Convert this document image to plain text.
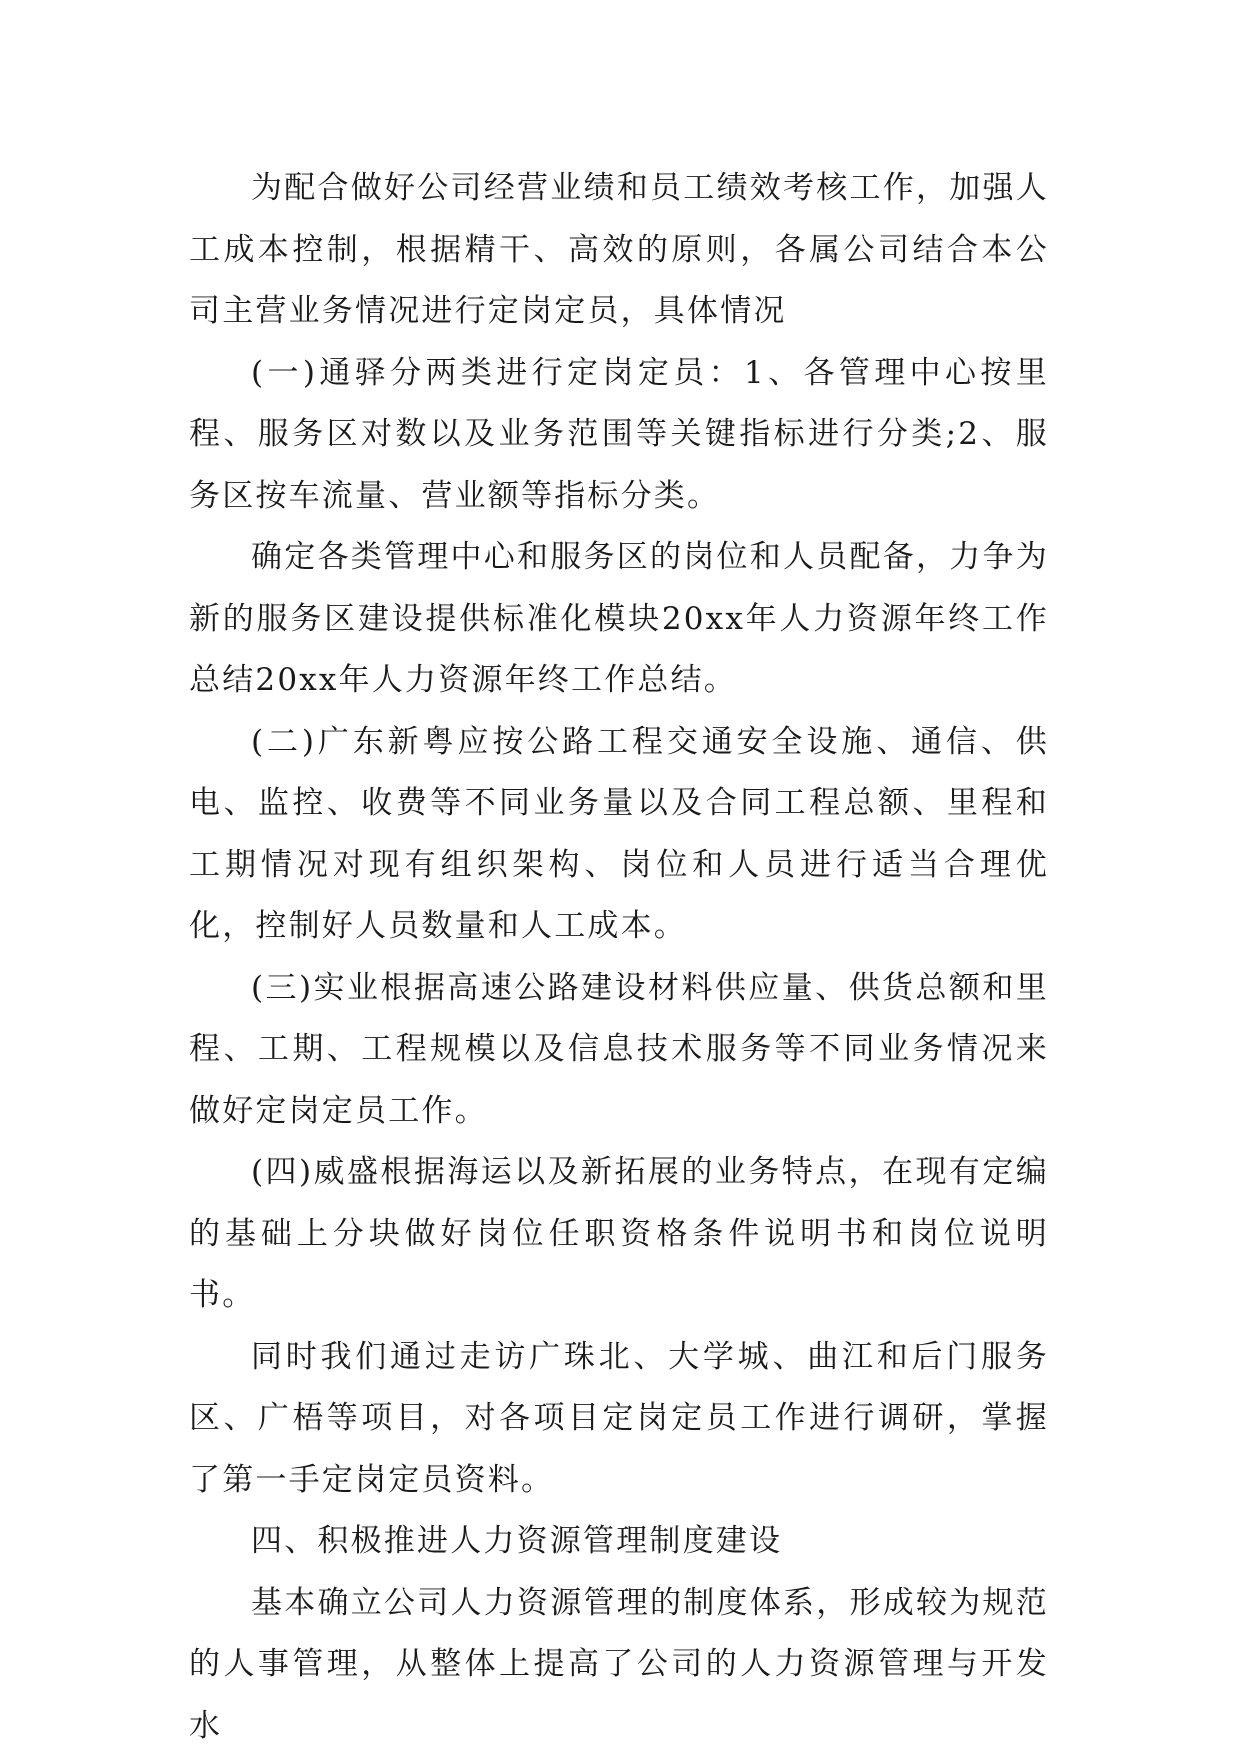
为配合做好公司经营业绩和员工绩效考核工作，加强人工成本控制，根据精干、高效的原则，各属公司结合本公司主营业务情况进行定岗定员，具体情况

(一)通驿分两类进行定岗定员：1、各管理中心按里程、服务区对数以及业务范围等关键指标进行分类;2、服务区按车流量、营业额等指标分类。

确定各类管理中心和服务区的岗位和人员配备，力争为新的服务区建设提供标准化模块20xx年人力资源年终工作总结20xx年人力资源年终工作总结。

(二)广东新粤应按公路工程交通安全设施、通信、供电、监控、收费等不同业务量以及合同工程总额、里程和工期情况对现有组织架构、岗位和人员进行适当合理优化，控制好人员数量和人工成本。

(三)实业根据高速公路建设材料供应量、供货总额和里程、工期、工程规模以及信息技术服务等不同业务情况来做好定岗定员工作。

(四)威盛根据海运以及新拓展的业务特点，在现有定编的基础上分块做好岗位任职资格条件说明书和岗位说明书。

同时我们通过走访广珠北、大学城、曲江和后门服务区、广梧等项目，对各项目定岗定员工作进行调研，掌握了第一手定岗定员资料。

四、积极推进人力资源管理制度建设

基本确立公司人力资源管理的制度体系，形成较为规范的人事管理，从整体上提高了公司的人力资源管理与开发水
